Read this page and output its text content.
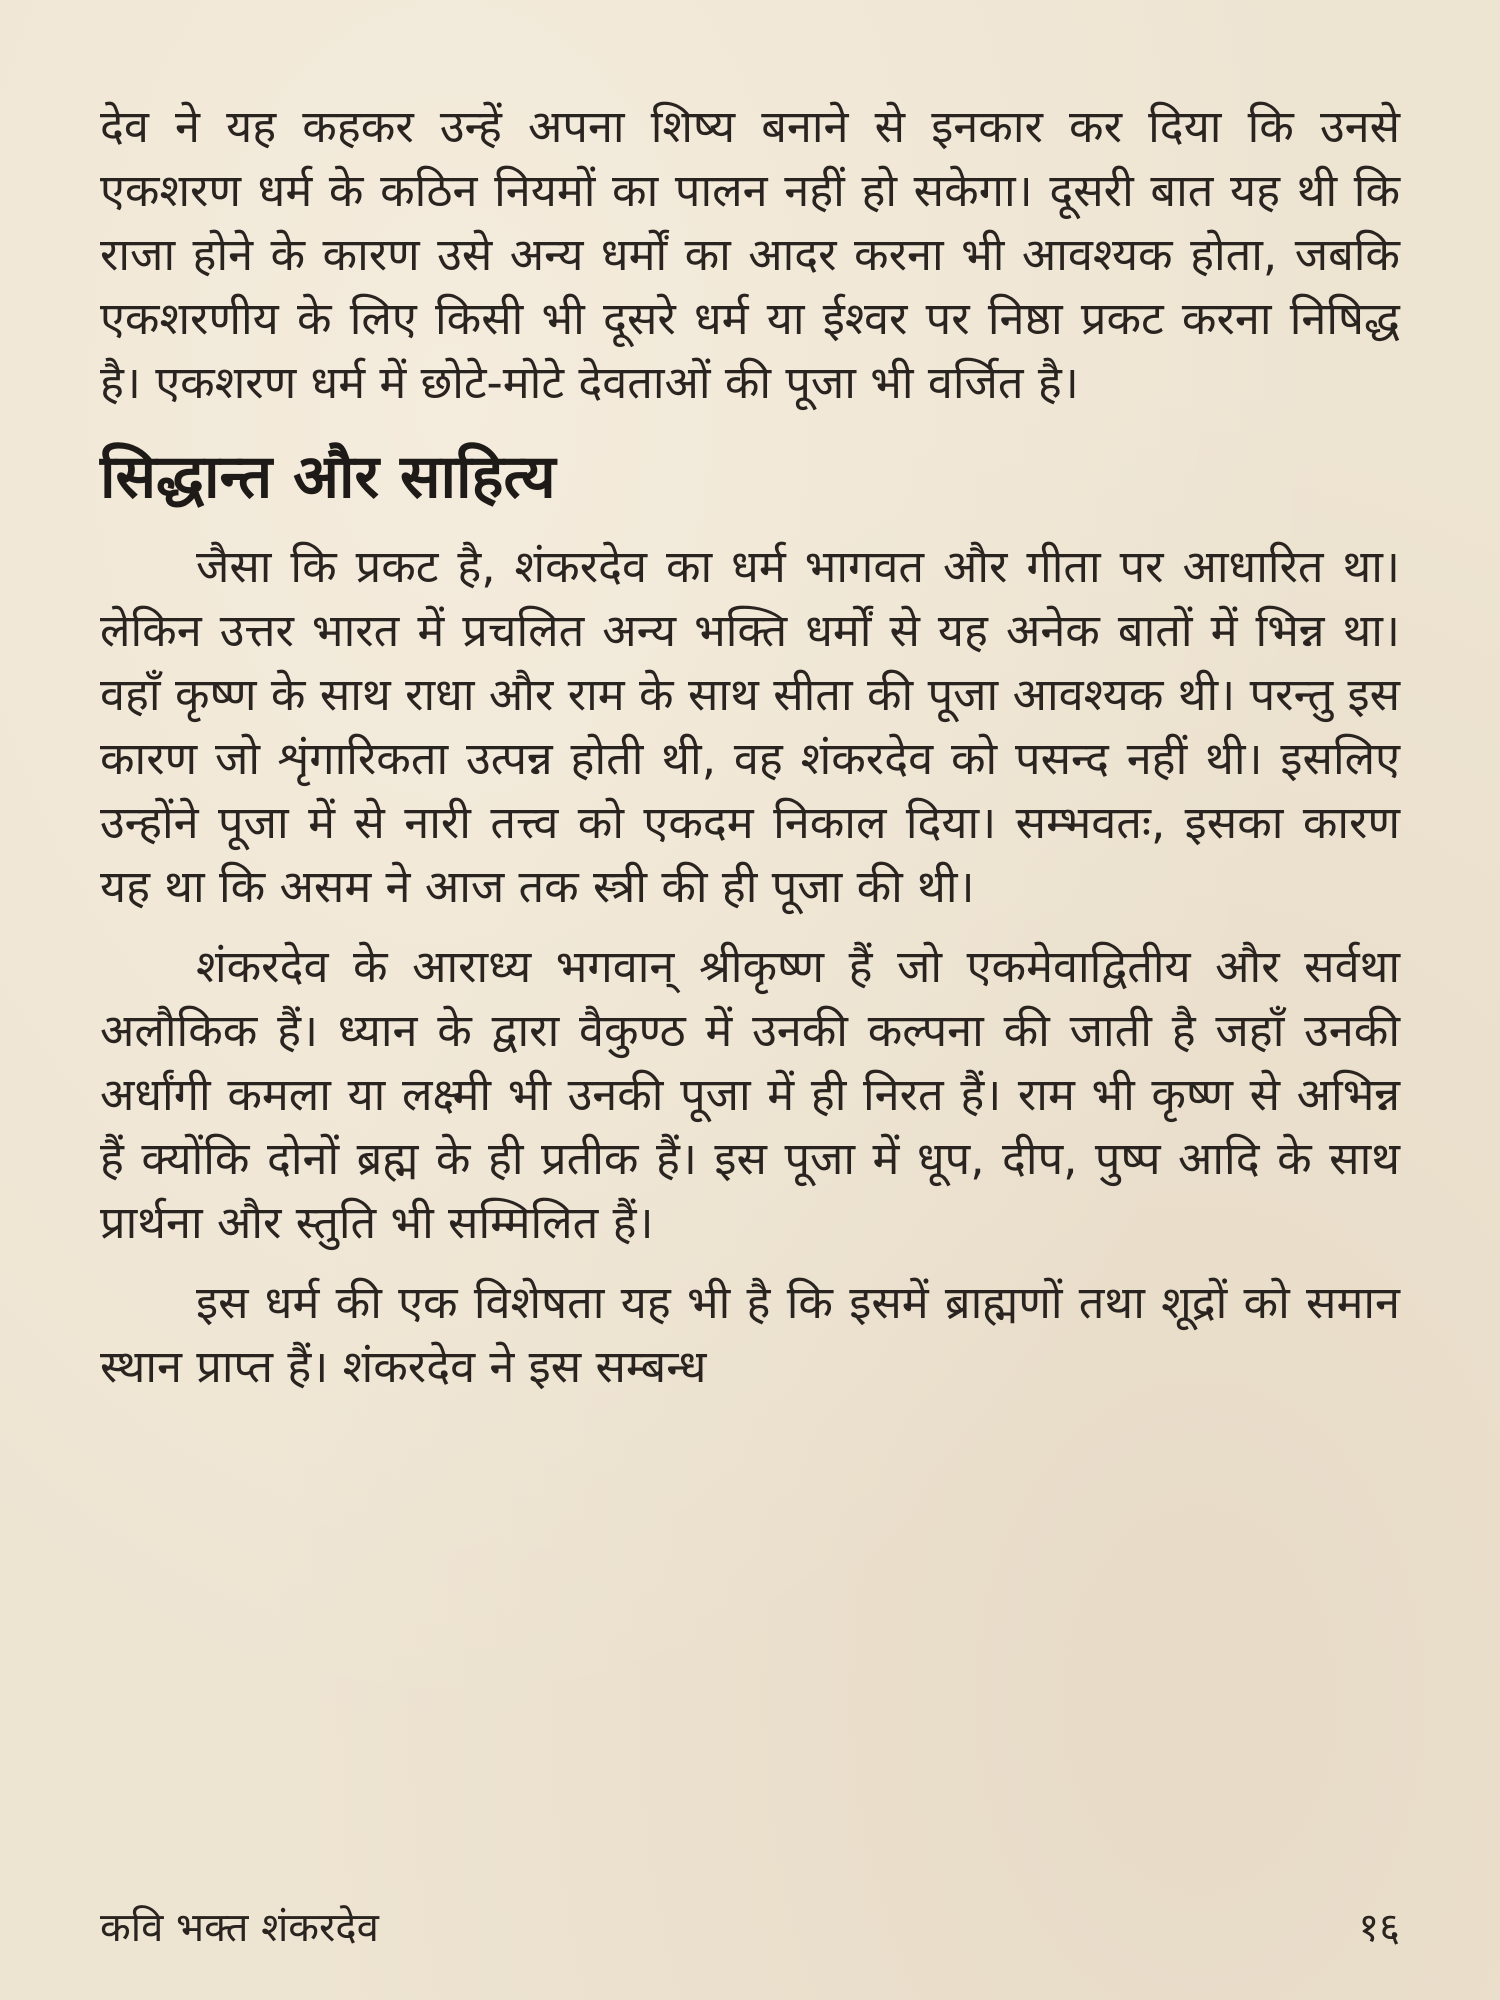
देव ने यह कहकर उन्हें अपना शिष्य बनाने से इनकार कर दिया कि उनसे एकशरण धर्म के कठिन नियमों का पालन नहीं हो सकेगा। दूसरी बात यह थी कि राजा होने के कारण उसे अन्य धर्मों का आदर करना भी आवश्यक होता, जबकि एकशरणीय के लिए किसी भी दूसरे धर्म या ईश्वर पर निष्ठा प्रकट करना निषिद्ध है। एकशरण धर्म में छोटे-मोटे देवताओं की पूजा भी वर्जित है।

सिद्धान्त और साहित्य

जैसा कि प्रकट है, शंकरदेव का धर्म भागवत और गीता पर आधारित था। लेकिन उत्तर भारत में प्रचलित अन्य भक्ति धर्मों से यह अनेक बातों में भिन्न था। वहाँ कृष्ण के साथ राधा और राम के साथ सीता की पूजा आवश्यक थी। परन्तु इस कारण जो शृंगारिकता उत्पन्न होती थी, वह शंकरदेव को पसन्द नहीं थी। इसलिए उन्होंने पूजा में से नारी तत्त्व को एकदम निकाल दिया। सम्भवतः, इसका कारण यह था कि असम ने आज तक स्त्री की ही पूजा की थी।

शंकरदेव के आराध्य भगवान् श्रीकृष्ण हैं जो एकमेवाद्वितीय और सर्वथा अलौकिक हैं। ध्यान के द्वारा वैकुण्ठ में उनकी कल्पना की जाती है जहाँ उनकी अर्धांगी कमला या लक्ष्मी भी उनकी पूजा में ही निरत हैं। राम भी कृष्ण से अभिन्न हैं क्योंकि दोनों ब्रह्म के ही प्रतीक हैं। इस पूजा में धूप, दीप, पुष्प आदि के साथ प्रार्थना और स्तुति भी सम्मिलित हैं।

इस धर्म की एक विशेषता यह भी है कि इसमें ब्राह्मणों तथा शूद्रों को समान स्थान प्राप्त हैं। शंकरदेव ने इस सम्बन्ध

कवि भक्त शंकरदेव	१६
